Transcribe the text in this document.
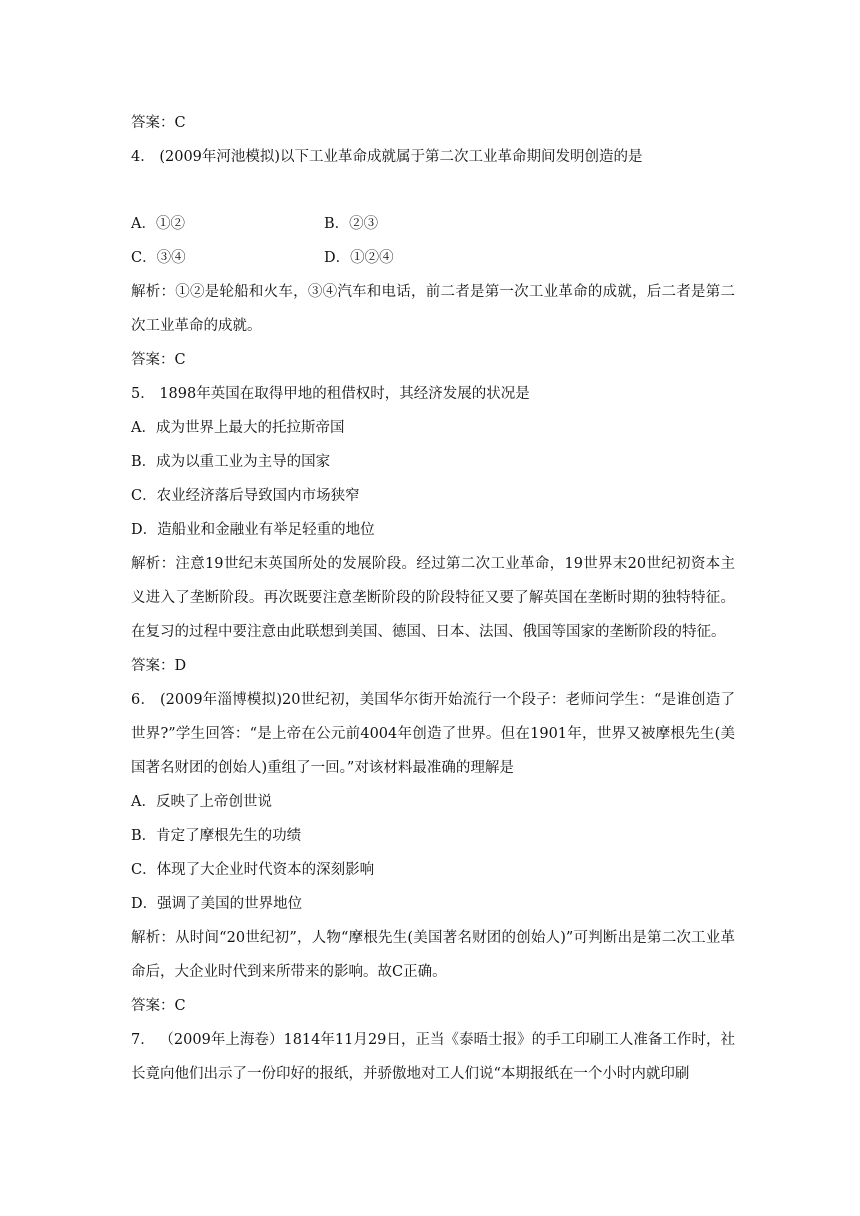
答案：C
4． (2009年河池模拟)以下工业革命成就属于第二次工业革命期间发明创造的是
A．①②	B．②③
C．③④	D．①②④
解析：①②是轮船和火车，③④汽车和电话，前二者是第一次工业革命的成就，后二者是第二次工业革命的成就。
答案：C
5． 1898年英国在取得甲地的租借权时，其经济发展的状况是
A．成为世界上最大的托拉斯帝国
B．成为以重工业为主导的国家
C．农业经济落后导致国内市场狭窄
D．造船业和金融业有举足轻重的地位
解析：注意19世纪末英国所处的发展阶段。经过第二次工业革命，19世界末20世纪初资本主义进入了垄断阶段。再次既要注意垄断阶段的阶段特征又要了解英国在垄断时期的独特特征。在复习的过程中要注意由此联想到美国、德国、日本、法国、俄国等国家的垄断阶段的特征。
答案：D
6． (2009年淄博模拟)20世纪初，美国华尔街开始流行一个段子：老师问学生：“是谁创造了世界?”学生回答：“是上帝在公元前4004年创造了世界。但在1901年，世界又被摩根先生(美国著名财团的创始人)重组了一回。”对该材料最准确的理解是
A．反映了上帝创世说
B．肯定了摩根先生的功绩
C．体现了大企业时代资本的深刻影响
D．强调了美国的世界地位
解析：从时间“20世纪初”，人物“摩根先生(美国著名财团的创始人)”可判断出是第二次工业革命后，大企业时代到来所带来的影响。故C正确。
答案：C
7． （2009年上海卷）1814年11月29日，正当《泰晤士报》的手工印刷工人准备工作时，社长竟向他们出示了一份印好的报纸，并骄傲地对工人们说“本期报纸在一个小时内就印刷
